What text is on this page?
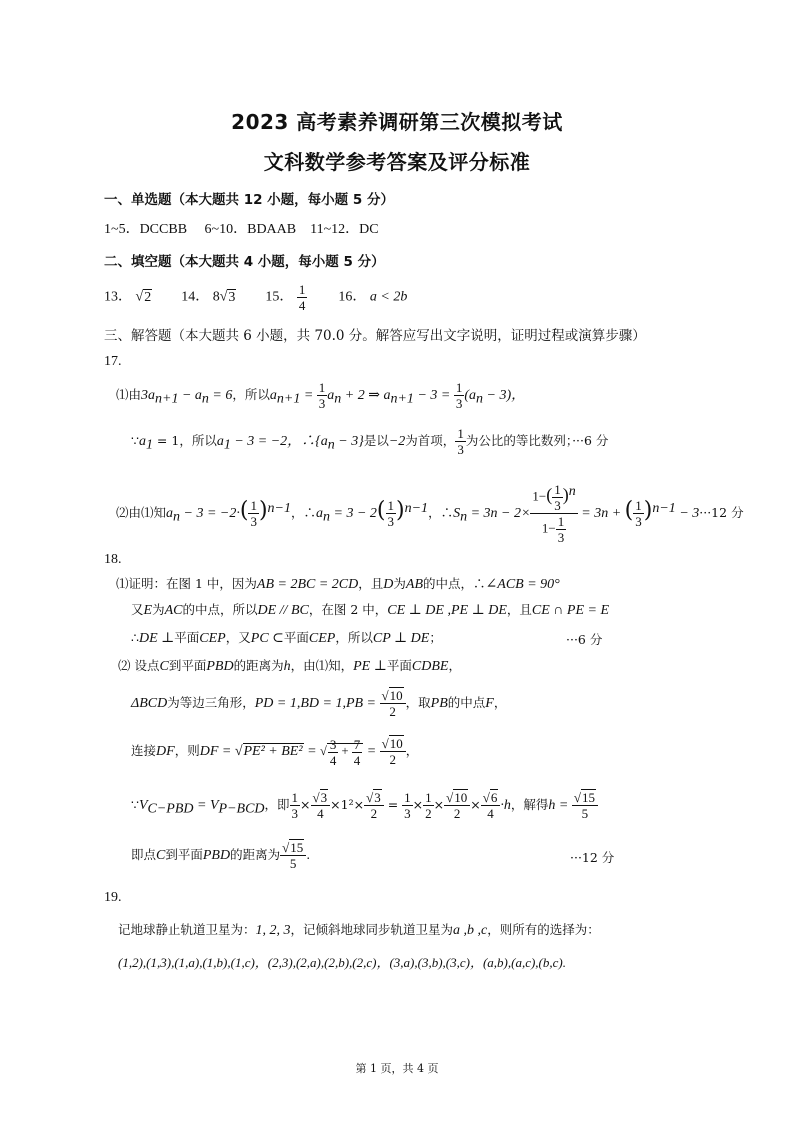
2023 高考素养调研第三次模拟考试
文科数学参考答案及评分标准
一、单选题（本大题共 12 小题，每小题 5 分）
1~5．DCCBB　 6~10．BDAAB　11~12．DC
二、填空题（本大题共 4 小题，每小题 5 分）
13． √2 14． 8√3 15． $\frac{1}{4} 16$． a < 2b
三、解答题（本大题共 6 小题，共 70.0 分。解答应写出文字说明，证明过程或演算步骤）
17.
⑴由$3a_{n+1} - a_n = 6$，所以$a_{n+1} = \frac{1}{3} a_n + 2$ ⇒ $a_{n+1} - 3 = \frac{1}{3} (a_n - 3)$，
$\because a_1 = 1$，所以$a_1 - 3 = -2$，$\therefore\{a_n - 3\}$是以−2为首项， $\frac{1}{3}$ 为公比的等比数列；···6 分
⑵由⑴知$a_n - 3 = -2\cdot( \frac{1}{3} )^{n-1}$，$\therefore a_n = 3 - 2( \frac{1}{3} )^{n-1}$，$\therefore S_n = 3n - 2\times \frac{1-( \frac{1}{3} )^n}{1- \frac{1}{3}} = 3n$ + ( $\frac{1}{3} )^{n-1} - 3\cdot\cdot\cdot 12$ 分
18.
⑴证明：在图 1 中，因为AB = 2BC = 2CD，且D为AB的中点，∴∠ACB = 90°
又E为AC的中点，所以DE // BC，在图 2 中，CE ⊥ DE ,PE ⊥ DE，且CE ∩ PE = E
∴DE ⊥平面CEP，又PC ⊂平面CEP，所以CP ⊥ DE；	···6 分
⑵ 设点C到平面PBD的距离为h，由⑴知，PE ⊥平面CDBE，
ΔBCD为等边三角形，PD = $1,BD = 1,PB = \frac{√10}{2}$ ，取PB的中点F，
连接DF，则DF = √PE² + BE² = √ $\frac{3}{4} + \frac{7}{4} = \frac{√10}{2}$ ，
$\because V_{C-PBD} = V_{P-BCD}$，即 $\frac{1}{3} \times \frac{√3}{4} \times 1^2\times \frac{√3}{2} = \frac{1}{3} \times \frac{1}{2} \times \frac{√10}{2} \times \frac{√6}{4} \cdot h$，解得$h = \frac{√15}{5}$
即点C到平面PBD的距离为 $\frac{√15}{5}$ .	···12 分
19.
记地球静止轨道卫星为：1, 2, 3，记倾斜地球同步轨道卫星为a ,b ,c，则所有的选择为：
(1,2),(1,3),(1,a),(1,b),(1,c)，(2,3),(2,a),(2,b),(2,c)，(3,a),(3,b),(3,c)，(a,b),(a,c),(b,c).
第 1 页，共 4 页
